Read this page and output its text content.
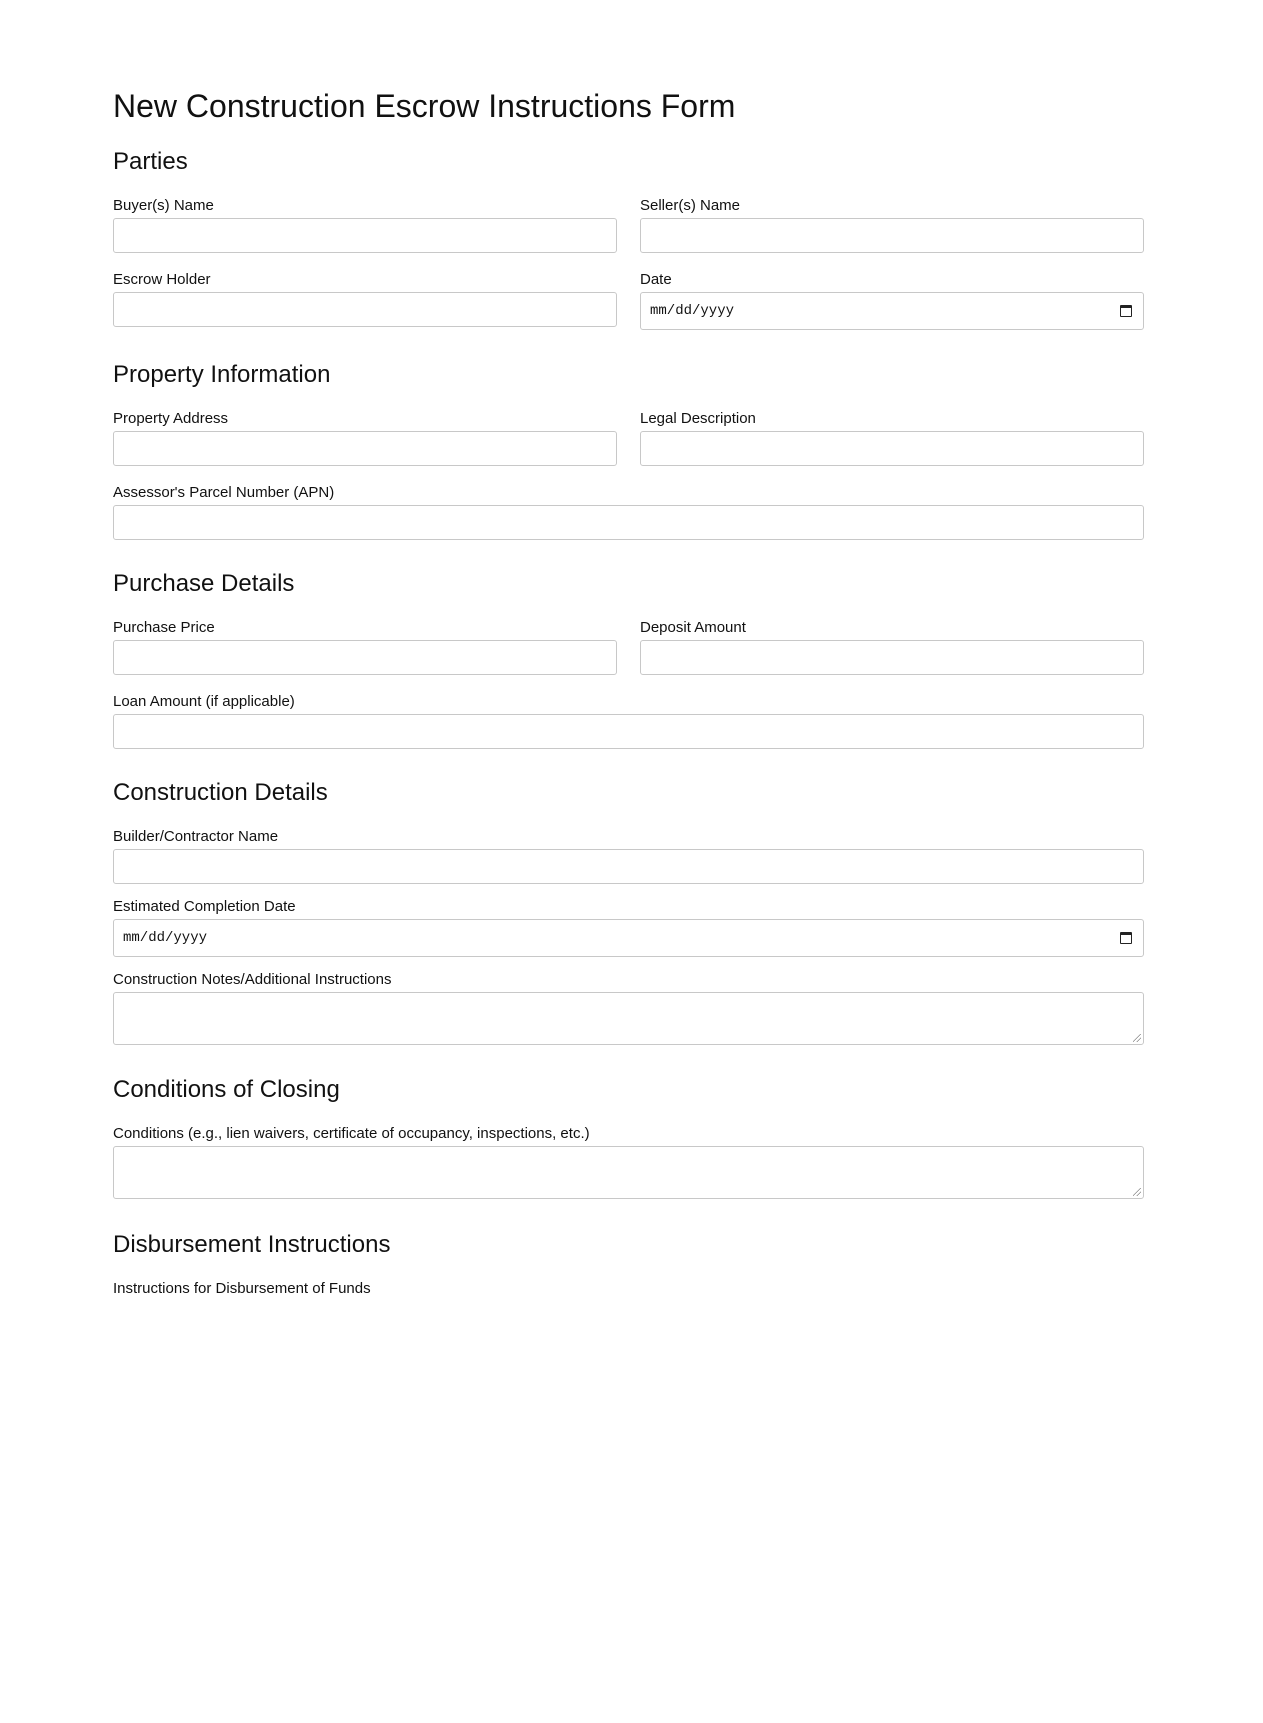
New Construction Escrow Instructions Form
Parties
Buyer(s) Name	Seller(s) Name
Escrow Holder	Date
mm/dd/yyyy
Property Information
Property Address	Legal Description
Assessor's Parcel Number (APN)
Purchase Details
Purchase Price	Deposit Amount
Loan Amount (if applicable)
Construction Details
Builder/Contractor Name
Estimated Completion Date
mm/dd/yyyy
Construction Notes/Additional Instructions
Conditions of Closing
Conditions (e.g., lien waivers, certificate of occupancy, inspections, etc.)
Disbursement Instructions
Instructions for Disbursement of Funds
